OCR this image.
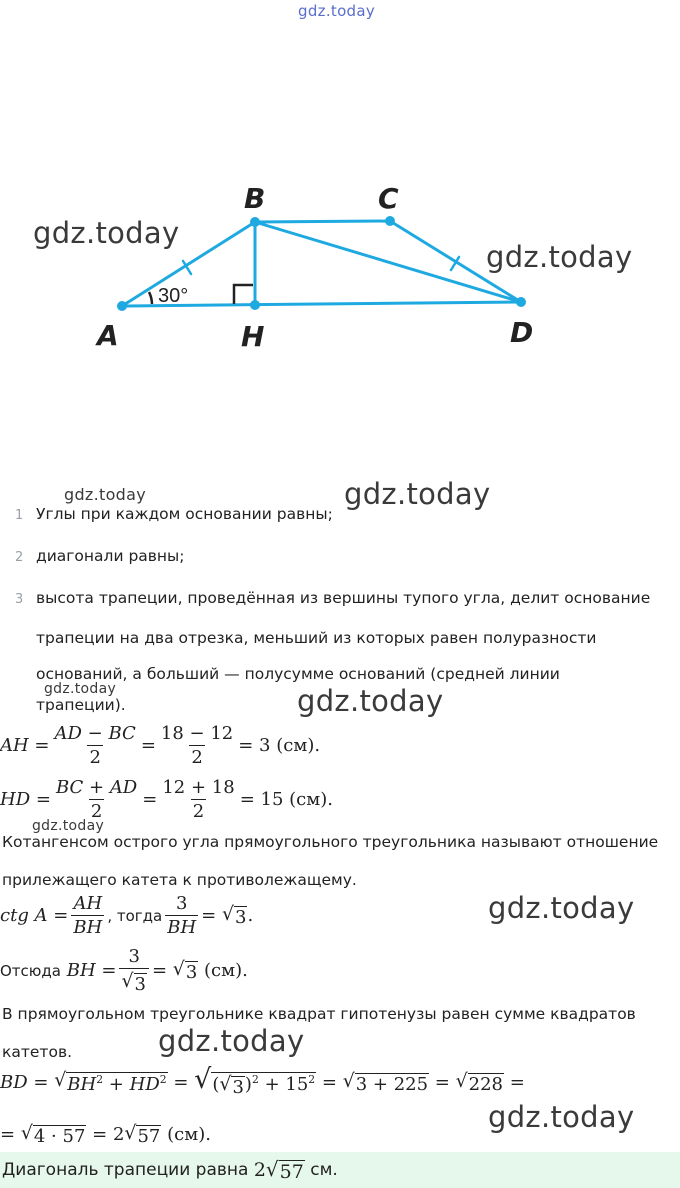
gdz.today
gdz.today
gdz.today
gdz.today	gdz.today
gdz.today	gdz.today
gdz.today
gdz.today
gdz.today
gdz.today
A
B	C
D
H
30°
1 Углы при каждом основании равны;
2 диагонали равны;
3 высота трапеции, проведённая из вершины тупого угла, делит основание
трапеции на два отрезка, меньший из которых равен полуразности
оснований, а больший — полусумме оснований (средней линии
трапеции).
AH = $\frac{AD - BC}{2} = \frac{18 - 12}{2} = 3$ (см).
HD = $\frac{BC + AD}{2} = \frac{12 + 18}{2} = 15$ (см).
Котангенсом острого угла прямоугольного треугольника называют отношение
прилежащего катета к противолежащему.
ctg $A = \frac{AH}{BH}$ , тогда $\frac{3}{BH}$ =
√ 3 .
Отсюда
BH = $\frac{3}{√ 3}$ =
√ 3
(см).
В прямоугольном треугольнике квадрат гипотенузы равен сумме квадратов
катетов.
BD =
√ $BH^2 + HD^2$ = √ ( √ 3 )$^2 + 15^2$ = √ 3 + 225 = √ 228
=
=
√ 4 · 57
= 2 √ 57
(см).
Диагональ трапеции равна
2 √ 57
см.
